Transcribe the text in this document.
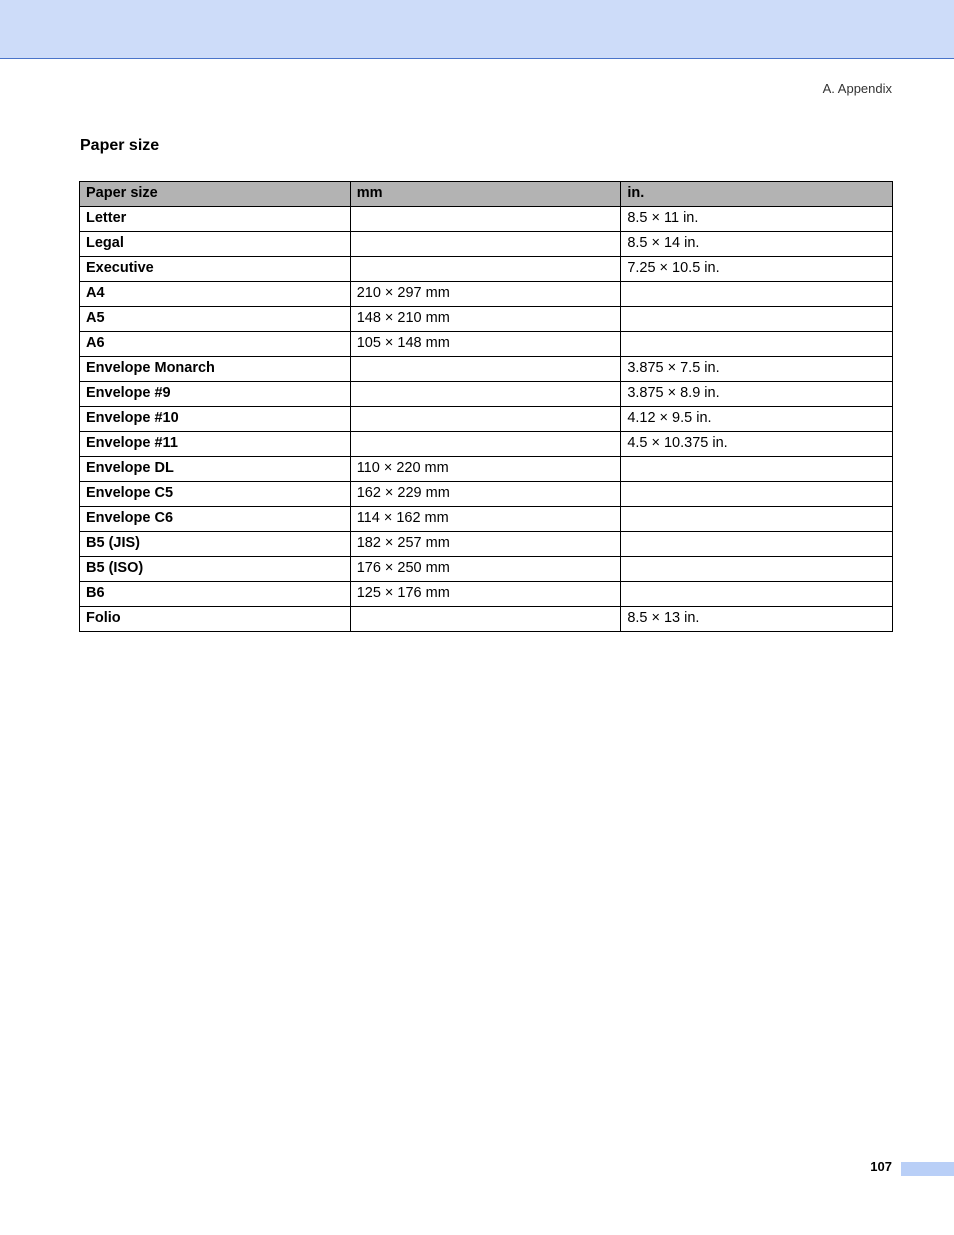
A. Appendix
Paper size
Paper size	mm	in.
Letter		8.5 × 11 in.
Legal		8.5 × 14 in.
Executive		7.25 × 10.5 in.
A4	210 × 297 mm	
A5	148 × 210 mm	
A6	105 × 148 mm	
Envelope Monarch		3.875 × 7.5 in.
Envelope #9		3.875 × 8.9 in.
Envelope #10		4.12 × 9.5 in.
Envelope #11		4.5 × 10.375 in.
Envelope DL	110 × 220 mm	
Envelope C5	162 × 229 mm	
Envelope C6	114 × 162 mm	
B5 (JIS)	182 × 257 mm	
B5 (ISO)	176 × 250 mm	
B6	125 × 176 mm	
Folio		8.5 × 13 in.
107
